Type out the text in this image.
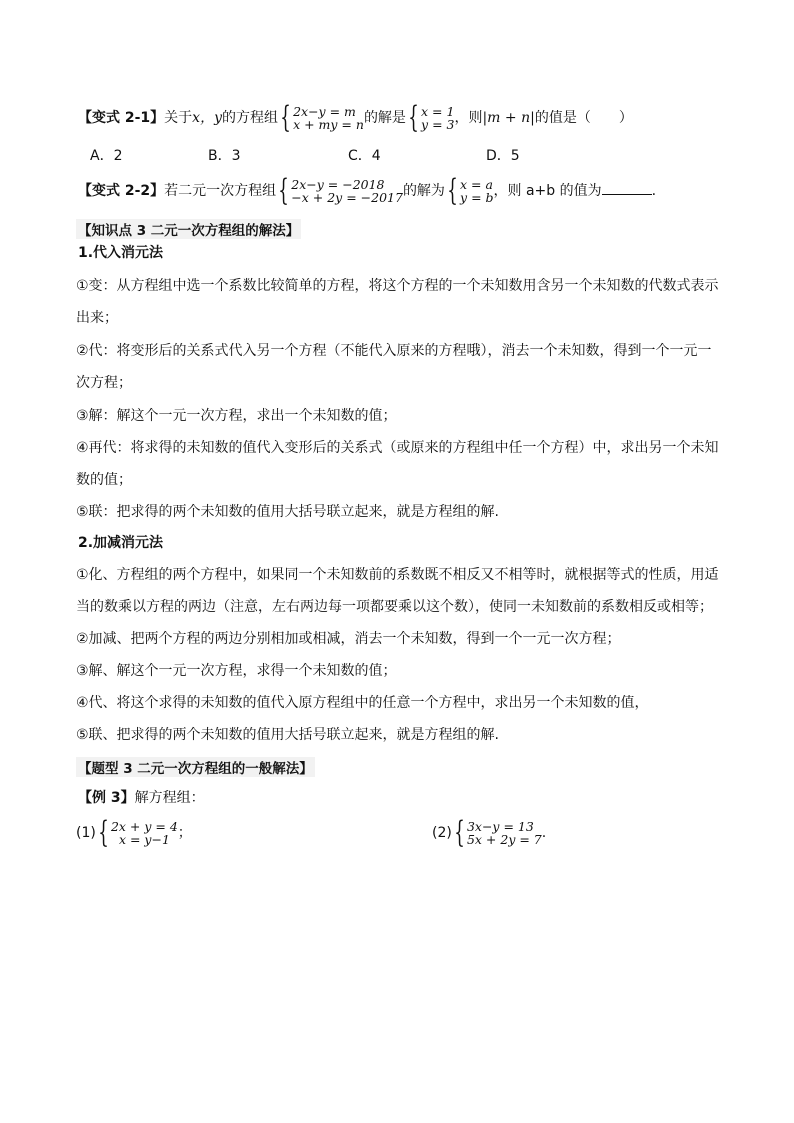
【变式 2-1】关于x，y的方程组 { 2x−y = m
x + my = n 的解是 { x = 1
y = 3 ，则|m + n|的值是（　　）
A．2	B．3	C．4	D．5
【变式 2-2】若二元一次方程组 { 2x−y = −2018
−x + 2y = −2017 的解为 { x = a
y = b ，则 a+b 的值为	.
【知识点 3 二元一次方程组的解法】
1.代入消元法
①变：从方程组中选一个系数比较简单的方程，将这个方程的一个未知数用含另一个未知数的代数式表示
出来；
②代：将变形后的关系式代入另一个方程（不能代入原来的方程哦），消去一个未知数，得到一个一元一
次方程；
③解：解这个一元一次方程，求出一个未知数的值；
④再代：将求得的未知数的值代入变形后的关系式（或原来的方程组中任一个方程）中，求出另一个未知
数的值；
⑤联：把求得的两个未知数的值用大括号联立起来，就是方程组的解.
2.加减消元法
①化、方程组的两个方程中，如果同一个未知数前的系数既不相反又不相等时，就根据等式的性质，用适
当的数乘以方程的两边（注意，左右两边每一项都要乘以这个数），使同一未知数前的系数相反或相等；
②加减、把两个方程的两边分别相加或相减，消去一个未知数，得到一个一元一次方程；
③解、解这个一元一次方程，求得一个未知数的值；
④代、将这个求得的未知数的值代入原方程组中的任意一个方程中，求出另一个未知数的值，
⑤联、把求得的两个未知数的值用大括号联立起来，就是方程组的解.
【题型 3 二元一次方程组的一般解法】
【例 3】解方程组：
(1) { 2x + y = 4
x = y−1 ；	(2) { 3x−y = 13
5x + 2y = 7 .
